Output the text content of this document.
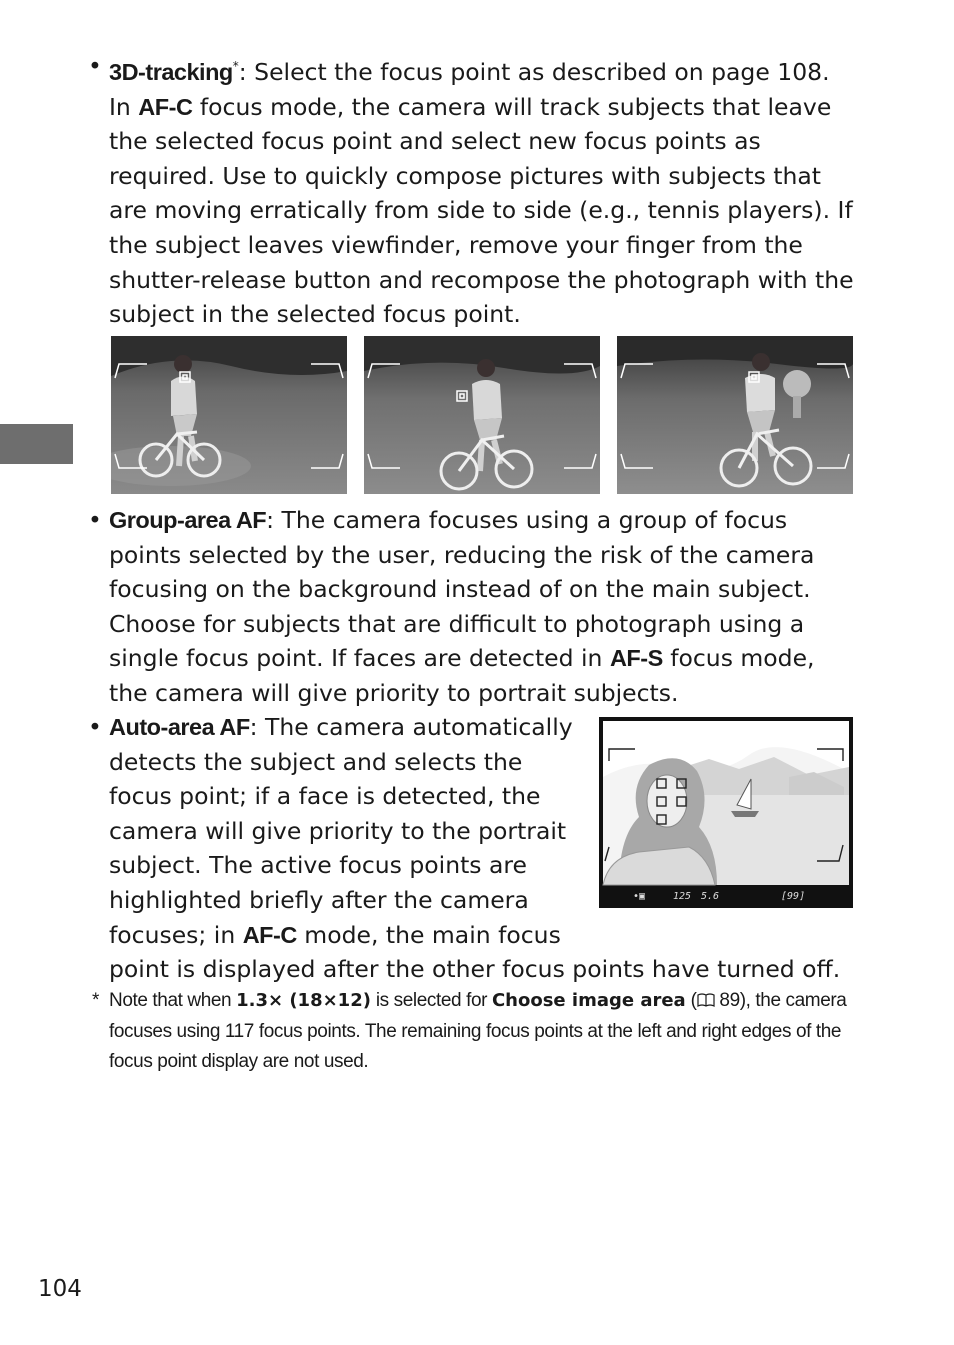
• 3D-tracking*: Select the focus point as described on page 108. In AF-C focus mode, the camera will track subjects that leave the selected focus point and select new focus points as required. Use to quickly compose pictures with subjects that are moving erratically from side to side (e.g., tennis players). If the subject leaves viewfinder, remove your finger from the shutter-release button and recompose the photograph with the subject in the selected focus point.
• Group-area AF: The camera focuses using a group of focus points selected by the user, reducing the risk of the camera focusing on the background instead of on the main subject. Choose for subjects that are difficult to photograph using a single focus point. If faces are detected in AF-S focus mode, the camera will give priority to portrait subjects.
• Auto-area AF: The camera automatically
detects the subject and selects the
focus point; if a face is detected, the
camera will give priority to the portrait
subject. The active focus points are
highlighted briefly after the camera
focuses; in AF-C mode, the main focus
point is displayed after the other focus points have turned off.
•▣	125 5.6	[99]
* Note that when 1.3× (18×12) is selected for Choose image area ( 89), the camera focuses using 117 focus points. The remaining focus points at the left and right edges of the focus point display are not used.
104
